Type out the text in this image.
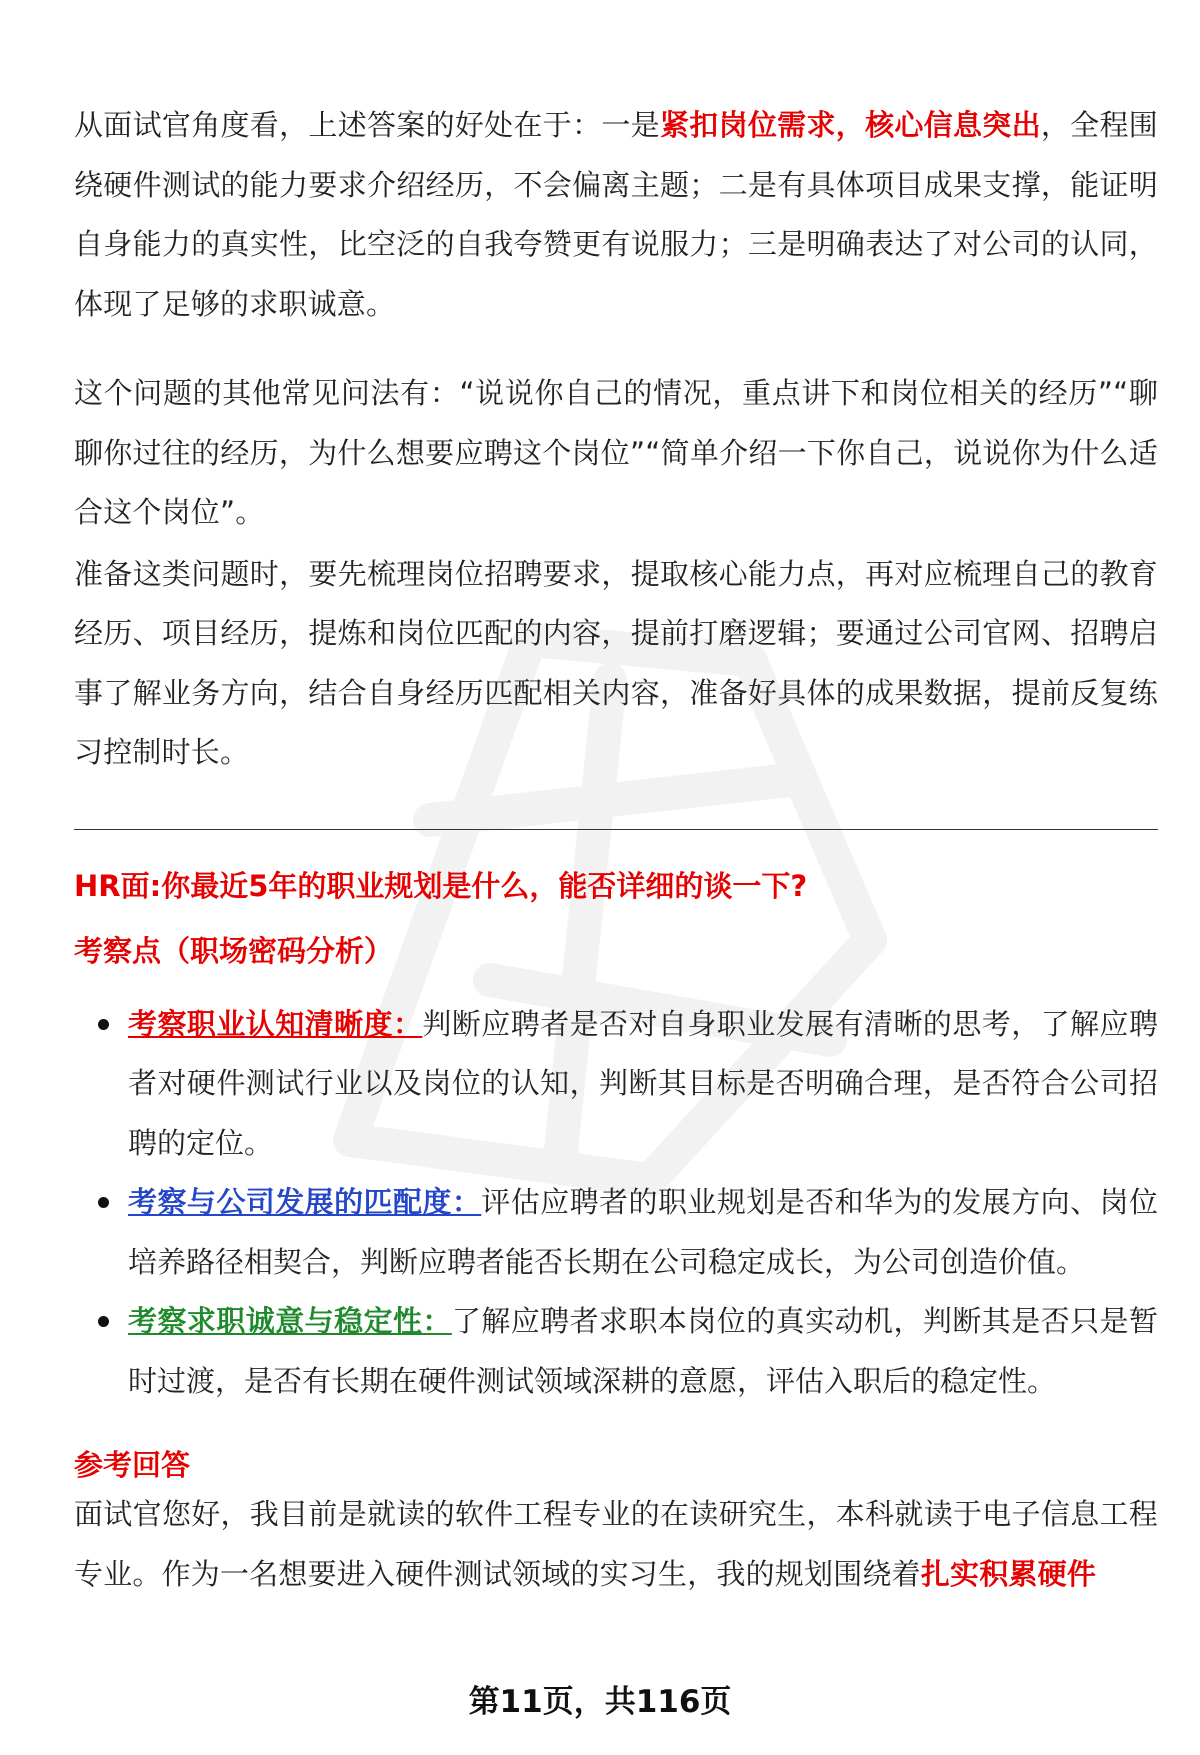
从面试官角度看，上述答案的好处在于：一是紧扣岗位需求，核心信息突出，全程围绕硬件测试的能力要求介绍经历，不会偏离主题；二是有具体项目成果支撑，能证明自身能力的真实性，比空泛的自我夸赞更有说服力；三是明确表达了对公司的认同，体现了足够的求职诚意。

这个问题的其他常见问法有：“说说你自己的情况，重点讲下和岗位相关的经历”“聊聊你过往的经历，为什么想要应聘这个岗位”“简单介绍一下你自己，说说你为什么适合这个岗位”。

准备这类问题时，要先梳理岗位招聘要求，提取核心能力点，再对应梳理自己的教育经历、项目经历，提炼和岗位匹配的内容，提前打磨逻辑；要通过公司官网、招聘启事了解业务方向，结合自身经历匹配相关内容，准备好具体的成果数据，提前反复练习控制时长。

HR面:你最近5年的职业规划是什么，能否详细的谈一下?
考察点（职场密码分析）
考察职业认知清晰度：判断应聘者是否对自身职业发展有清晰的思考，了解应聘者对硬件测试行业以及岗位的认知，判断其目标是否明确合理，是否符合公司招聘的定位。
考察与公司发展的匹配度：评估应聘者的职业规划是否和华为的发展方向、岗位培养路径相契合，判断应聘者能否长期在公司稳定成长，为公司创造价值。
考察求职诚意与稳定性：了解应聘者求职本岗位的真实动机，判断其是否只是暂时过渡，是否有长期在硬件测试领域深耕的意愿，评估入职后的稳定性。
参考回答

面试官您好，我目前是就读的软件工程专业的在读研究生，本科就读于电子信息工程专业。作为一名想要进入硬件测试领域的实习生，我的规划围绕着扎实积累硬件

第11页，共116页
